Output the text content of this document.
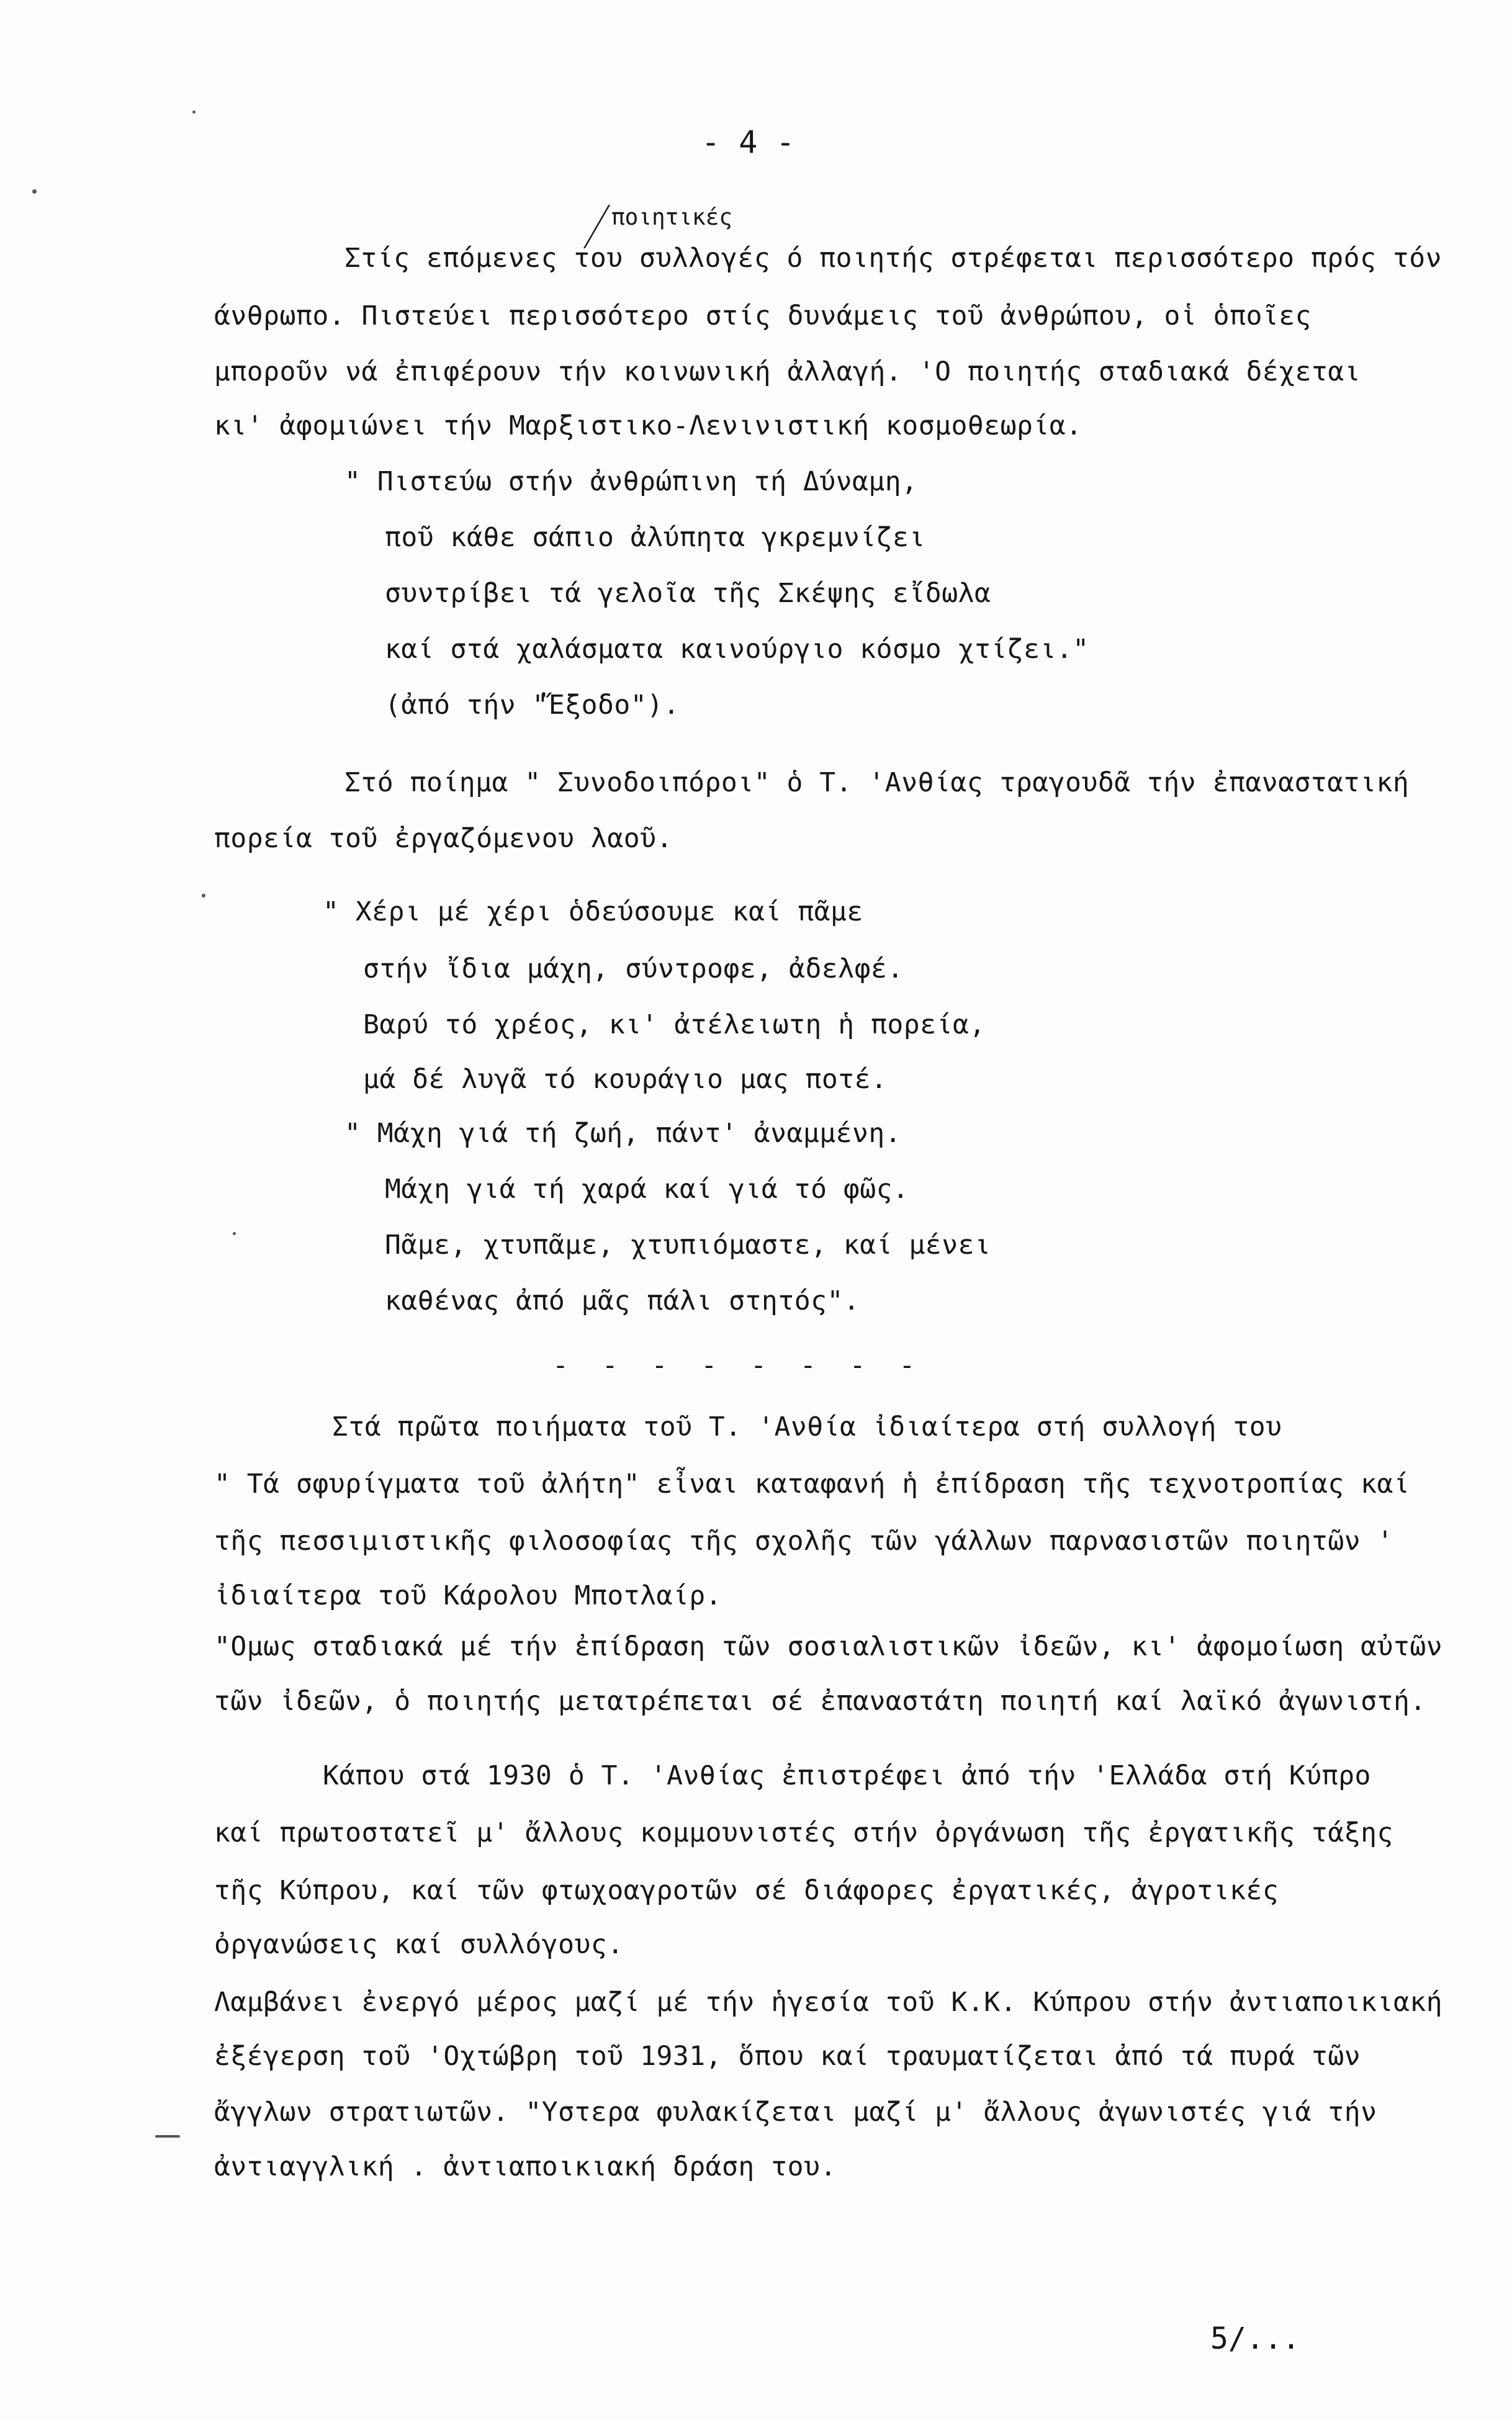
- 4 -
ποιητικές
Στίς επόμενες του συλλογές ό ποιητής στρέφεται περισσότερο πρός τόν
άνθρωπο. Πιστεύει περισσότερο στίς δυνάμεις τοῦ ἀνθρώπου, οἱ ὁποῖες
μποροῦν νά ἐπιφέρουν τήν κοινωνική ἀλλαγή. 'Ο ποιητής σταδιακά δέχεται
κι' ἀφομιώνει τήν Μαρξιστικο-Λενινιστική κοσμοθεωρία.
" Πιστεύω στήν ἀνθρώπινη τή Δύναμη,
ποῦ κάθε σάπιο ἀλύπητα γκρεμνίζει
συντρίβει τά γελοῖα τῆς Σκέψης εἴδωλα
καί στά χαλάσματα καινούργιο κόσμο χτίζει."
(ἀπό τήν "Ἔξοδο").
Στό ποίημα " Συνοδοιπόροι" ὁ Τ. 'Ανθίας τραγουδᾶ τήν ἐπαναστατική
πορεία τοῦ ἐργαζόμενου λαοῦ.
" Χέρι μέ χέρι ὁδεύσουμε καί πᾶμε
στήν ἴδια μάχη, σύντροφε, ἀδελφέ.
Βαρύ τό χρέος, κι' ἀτέλειωτη ἡ πορεία,
μά δέ λυγᾶ τό κουράγιο μας ποτέ.
" Μάχη γιά τή ζωή, πάντ' ἀναμμένη.
Μάχη γιά τή χαρά καί γιά τό φῶς.
Πᾶμε, χτυπᾶμε, χτυπιόμαστε, καί μένει
καθένας ἀπό μᾶς πάλι στητός".
- - - - - - - -
Στά πρῶτα ποιήματα τοῦ Τ. 'Ανθία ἰδιαίτερα στή συλλογή του
" Τά σφυρίγματα τοῦ ἀλήτη" εἶναι καταφανή ἡ ἐπίδραση τῆς τεχνοτροπίας καί
τῆς πεσσιμιστικῆς φιλοσοφίας τῆς σχολῆς τῶν γάλλων παρνασιστῶν ποιητῶν '
ἰδιαίτερα τοῦ Κάρολου Μποτλαίρ.
"Ομως σταδιακά μέ τήν ἐπίδραση τῶν σοσιαλιστικῶν ἰδεῶν, κι' ἀφομοίωση αὐτῶν
τῶν ἰδεῶν, ὁ ποιητής μετατρέπεται σέ ἐπαναστάτη ποιητή καί λαϊκό ἀγωνιστή.
Κάπου στά 1930 ὁ Τ. 'Ανθίας ἐπιστρέφει ἀπό τήν 'Ελλάδα στή Κύπρο
καί πρωτοστατεῖ μ' ἄλλους κομμουνιστές στήν ὀργάνωση τῆς ἐργατικῆς τάξης
τῆς Κύπρου, καί τῶν φτωχοαγροτῶν σέ διάφορες ἐργατικές, ἀγροτικές
ὀργανώσεις καί συλλόγους.
Λαμβάνει ἐνεργό μέρος μαζί μέ τήν ἡγεσία τοῦ Κ.Κ. Κύπρου στήν ἀντιαποικιακή
ἐξέγερση τοῦ 'Οχτώβρη τοῦ 1931, ὅπου καί τραυματίζεται ἀπό τά πυρά τῶν
ἄγγλων στρατιωτῶν. "Υστερα φυλακίζεται μαζί μ' ἄλλους ἀγωνιστές γιά τήν
ἀντιαγγλική . ἀντιαποικιακή δράση του.
5/...
